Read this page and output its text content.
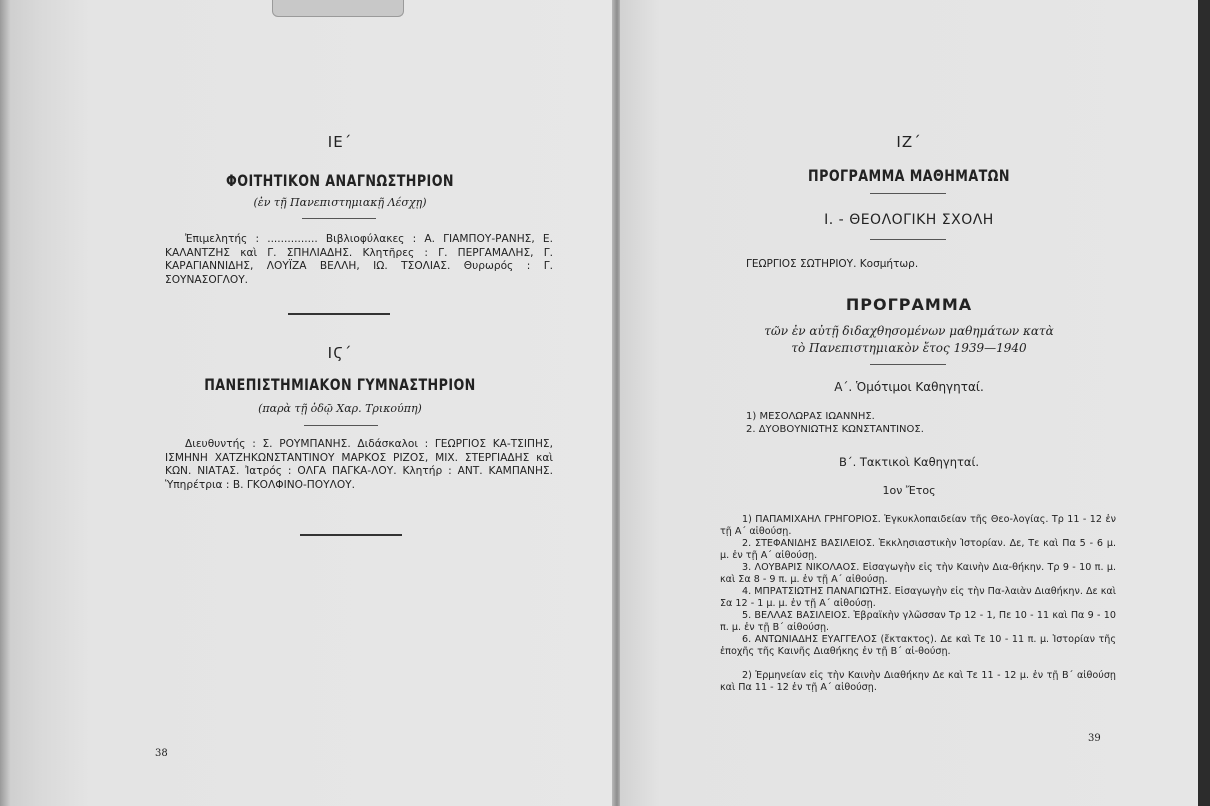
ΙΕ΄
ΦΟΙΤΗΤΙΚΟΝ ΑΝΑΓΝΩΣΤΗΡΙΟΝ
(ἐν τῇ Πανεπιστημιακῇ Λέσχῃ)
Ἐπιμελητής : ............... Βιβλιοφύλακες : Α. ΓΙΑΜΠΟΥ-ΡΑΝΗΣ, Ε. ΚΑΛΑΝΤΖΗΣ καὶ Γ. ΣΠΗΛΙΑΔΗΣ. Κλητῆρες : Γ. ΠΕΡΓΑΜΑΛΗΣ, Γ. ΚΑΡΑΓΙΑΝΝΙΔΗΣ, ΛΟΥΪΖΑ ΒΕΛΛΗ, ΙΩ. ΤΣΟΛΙΑΣ. Θυρωρός : Γ. ΣΟΥΝΑΣΟΓΛΟΥ.
ΙϚ΄
ΠΑΝΕΠΙΣΤΗΜΙΑΚΟΝ ΓΥΜΝΑΣΤΗΡΙΟΝ
(παρὰ τῇ ὁδῷ Χαρ. Τρικούπη)
Διευθυντής : Σ. ΡΟΥΜΠΑΝΗΣ. Διδάσκαλοι : ΓΕΩΡΓΙΟΣ ΚΑ-ΤΣΙΠΗΣ, ΙΣΜΗΝΗ ΧΑΤΖΗΚΩΝΣΤΑΝΤΙΝΟΥ ΜΑΡΚΟΣ ΡΙΖΟΣ, ΜΙΧ. ΣΤΕΡΓΙΑΔΗΣ καὶ ΚΩΝ. ΝΙΑΤΑΣ. Ἰατρός : ΟΛΓΑ ΠΑΓΚΑ-ΛΟΥ. Κλητήρ : ΑΝΤ. ΚΑΜΠΑΝΗΣ. Ὑπηρέτρια : Β. ΓΚΟΛΦΙΝΟ-ΠΟΥΛΟΥ.
38
ΙΖ΄
ΠΡΟΓΡΑΜΜΑ ΜΑΘΗΜΑΤΩΝ
Ι. - ΘΕΟΛΟΓΙΚΗ ΣΧΟΛΗ
ΓΕΩΡΓΙΟΣ ΣΩΤΗΡΙΟΥ. Κοσμήτωρ.
ΠΡΟΓΡΑΜΜΑ
τῶν ἐν αὐτῇ διδαχθησομένων μαθημάτων κατὰ
τὸ Πανεπιστημιακὸν ἔτος 1939—1940
Α΄. Ὁμότιμοι Καθηγηταί.
1) ΜΕΣΟΛΩΡΑΣ ΙΩΑΝΝΗΣ.
2. ΔΥΟΒΟΥΝΙΩΤΗΣ ΚΩΝΣΤΑΝΤΙΝΟΣ.
Β΄. Τακτικοὶ Καθηγηταί.
1ον Ἔτος

1) ΠΑΠΑΜΙΧΑΗΛ ΓΡΗΓΟΡΙΟΣ. Ἐγκυκλοπαιδείαν τῆς Θεο-λογίας. Τρ 11 - 12 ἐν τῇ Α΄ αἰθούσῃ.

2. ΣΤΕΦΑΝΙΔΗΣ ΒΑΣΙΛΕΙΟΣ. Ἐκκλησιαστικὴν Ἱστορίαν. Δε, Τε καὶ Πα 5 - 6 μ. μ. ἐν τῇ Α΄ αἰθούσῃ.

3. ΛΟΥΒΑΡΙΣ ΝΙΚΟΛΑΟΣ. Εἰσαγωγὴν εἰς τὴν Καινὴν Δια-θήκην. Τρ 9 - 10 π. μ. καὶ Σα 8 - 9 π. μ. ἐν τῇ Α΄ αἰθούσῃ.

4. ΜΠΡΑΤΣΙΩΤΗΣ ΠΑΝΑΓΙΩΤΗΣ. Εἰσαγωγὴν εἰς τὴν Πα-λαιὰν Διαθήκην. Δε καὶ Σα 12 - 1 μ. μ. ἐν τῇ Α΄ αἰθούσῃ.

5. ΒΕΛΛΑΣ ΒΑΣΙΛΕΙΟΣ. Ἑβραϊκὴν γλῶσσαν Τρ 12 - 1, Πε 10 - 11 καὶ Πα 9 - 10 π. μ. ἐν τῇ Β΄ αἰθούσῃ.

6. ΑΝΤΩΝΙΑΔΗΣ ΕΥΑΓΓΕΛΟΣ (ἔκτακτος). Δε καὶ Τε 10 - 11 π. μ. Ἱστορίαν τῆς ἐποχῆς τῆς Καινῆς Διαθήκης ἐν τῇ Β΄ αἰ-θούσῃ.

2) Ἑρμηνείαν εἰς τὴν Καινὴν Διαθήκην Δε καὶ Τε 11 - 12 μ. ἐν τῇ Β΄ αἰθούσῃ καὶ Πα 11 - 12 ἐν τῇ Α΄ αἰθούσῃ.

39
